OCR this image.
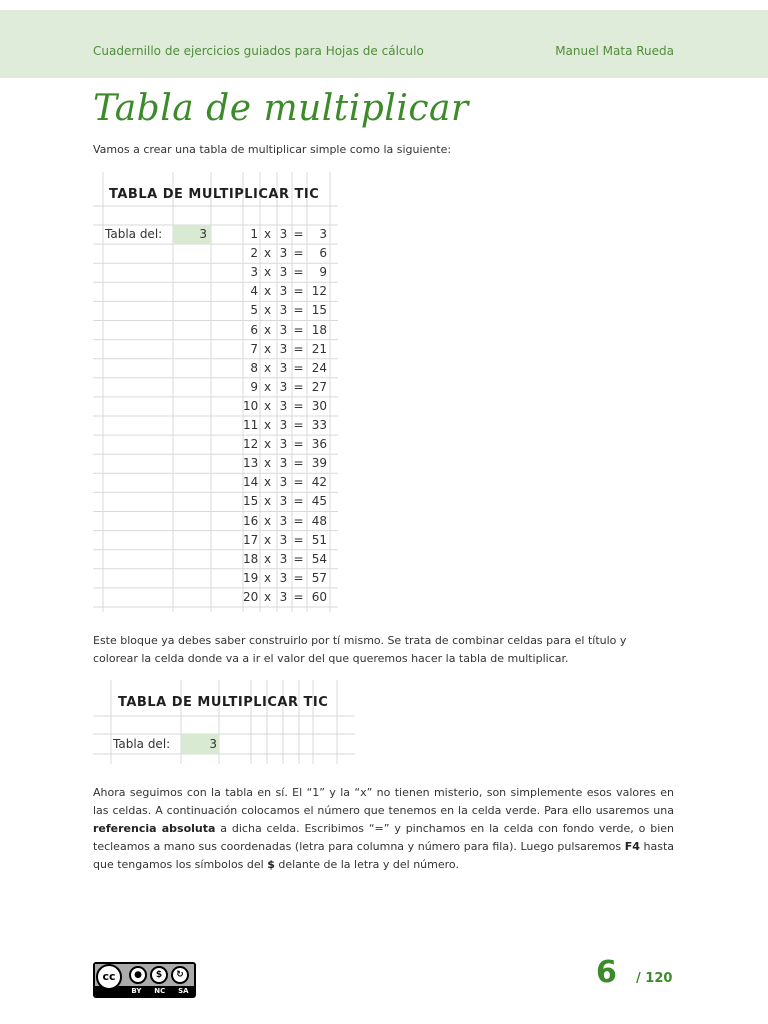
Cuadernillo de ejercicios guiados para Hojas de cálculo	Manuel Mata Rueda
Tabla de multiplicar
Vamos a crear una tabla de multiplicar simple como la siguiente:
TABLA DE MULTIPLICAR TIC
Tabla del:	3	1 x 3 =	3
2 x 3 =	6
3 x 3 =	9
4 x 3 = 12
5 x 3 = 15
6 x 3 = 18
7 x 3 = 21
8 x 3 = 24
9 x 3 = 27
10 x 3 = 30
11 x 3 = 33
12 x 3 = 36
13 x 3 = 39
14 x 3 = 42
15 x 3 = 45
16 x 3 = 48
17 x 3 = 51
18 x 3 = 54
19 x 3 = 57
20 x 3 = 60
Este bloque ya debes saber construirlo por tí mismo. Se trata de combinar celdas para el título y
colorear la celda donde va a ir el valor del que queremos hacer la tabla de multiplicar.
TABLA DE MULTIPLICAR TIC
Tabla del:	3
Ahora seguimos con la tabla en sí. El “1” y la “x” no tienen misterio, son simplemente esos valores en las celdas. A continuación colocamos el número que tenemos en la celda verde. Para ello usaremos una referencia absoluta a dicha celda. Escribimos “=” y pinchamos en la celda con fondo verde, o bien tecleamos a mano sus coordenadas (letra para columna y número para fila). Luego pulsaremos F4 hasta que tengamos los símbolos del $ delante de la letra y del número.
cc	●	$	↻
BY NC SA
6 / 120
